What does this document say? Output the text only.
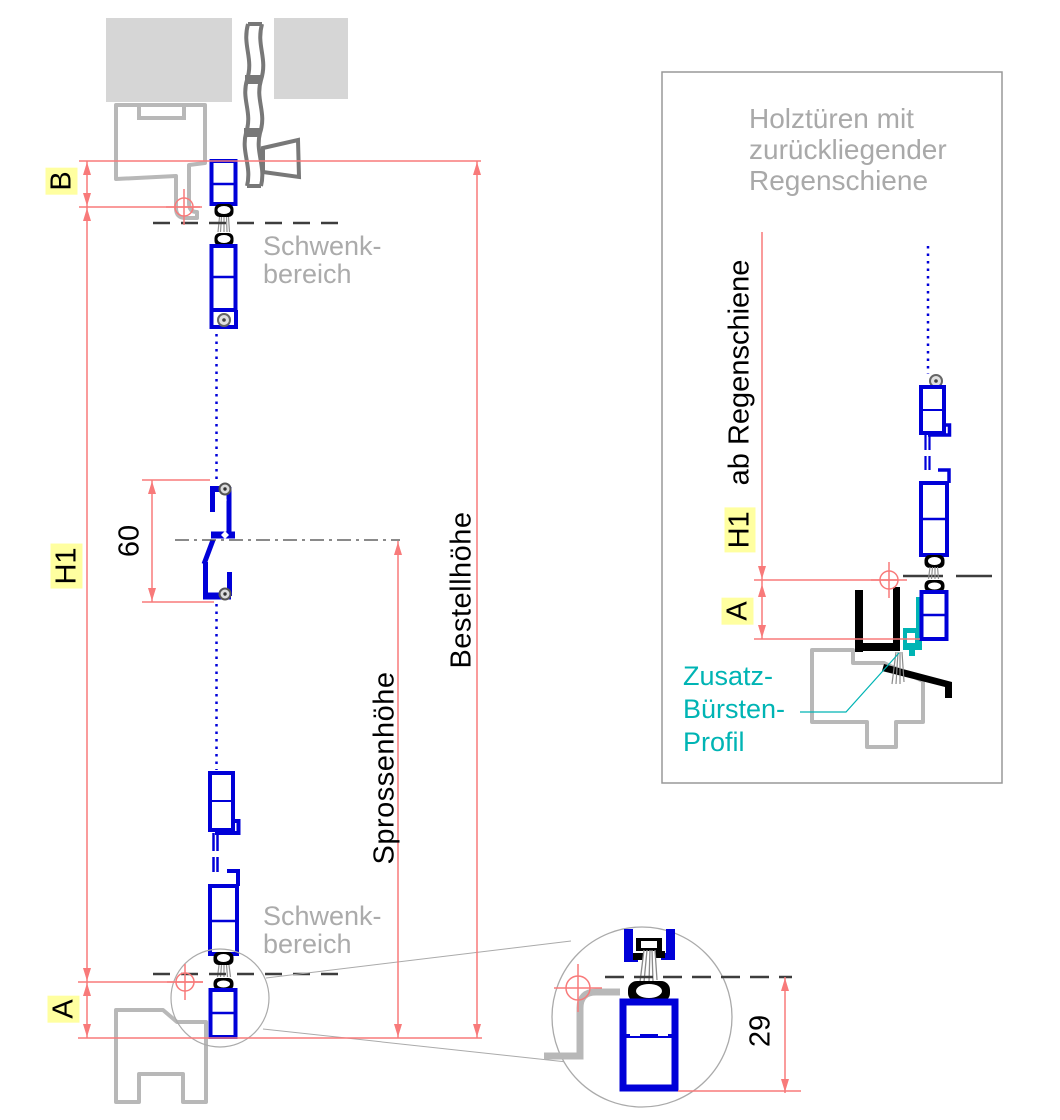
B
H1
A
60	Bestellhöhe
Sprossenhöhe
Schwenk-
bereich
Schwenk-
bereich
29
Holztüren mit
zurückliegender
Regenschiene
H1
ab Regenschiene
A
Zusatz-
Bürsten-
Profil
